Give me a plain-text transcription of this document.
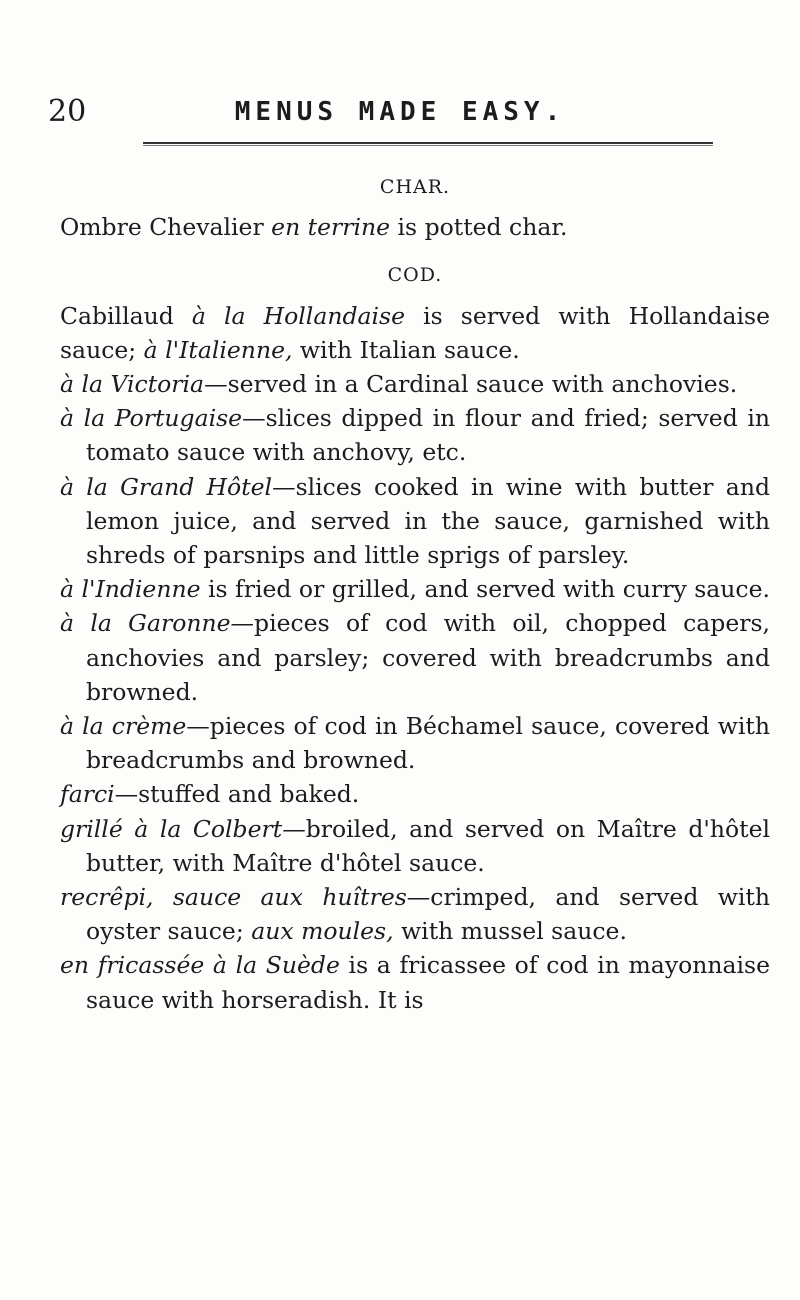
20	MENUS MADE EASY.
CHAR.

Ombre Chevalier en terrine is potted char.

COD.

Cabillaud à la Hollandaise is served with Hollandaise sauce; à l'Italienne, with Italian sauce.

à la Victoria—served in a Cardinal sauce with anchovies.

à la Portugaise—slices dipped in flour and fried; served in tomato sauce with anchovy, etc.

à la Grand Hôtel—slices cooked in wine with butter and lemon juice, and served in the sauce, garnished with shreds of parsnips and little sprigs of parsley.

à l'Indienne is fried or grilled, and served with curry sauce.

à la Garonne—pieces of cod with oil, chopped capers, anchovies and parsley; covered with breadcrumbs and browned.

à la crème—pieces of cod in Béchamel sauce, covered with breadcrumbs and browned.

farci—stuffed and baked.

grillé à la Colbert—broiled, and served on Maître d'hôtel butter, with Maître d'hôtel sauce.

recrêpi, sauce aux huîtres—crimped, and served with oyster sauce; aux moules, with mussel sauce.

en fricassée à la Suède is a fricassee of cod in mayonnaise sauce with horseradish. It is
